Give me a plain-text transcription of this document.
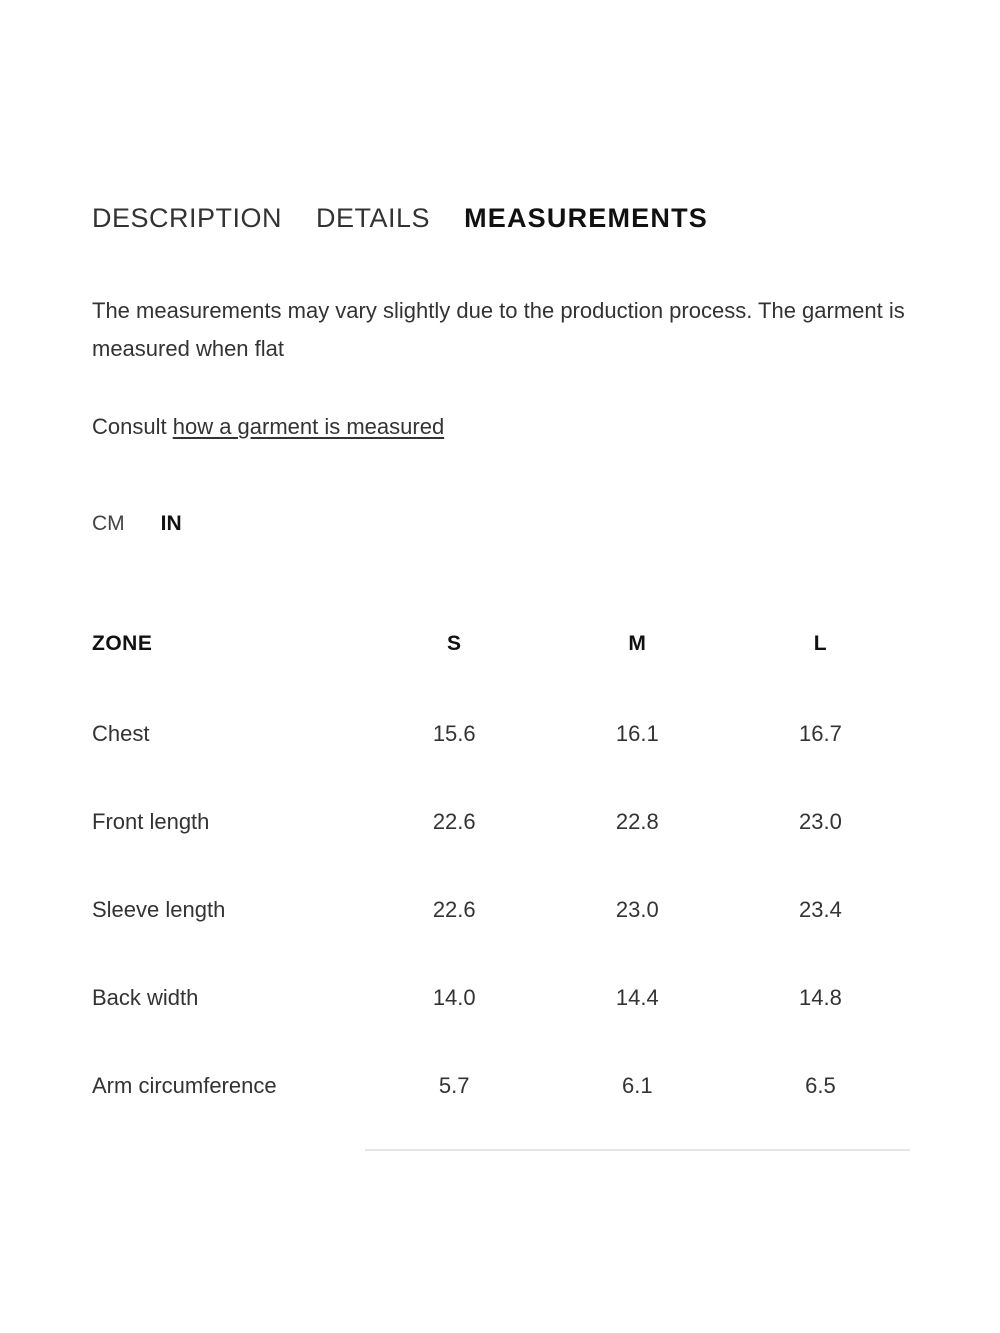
DESCRIPTION DETAILS MEASUREMENTS
The measurements may vary slightly due to the production process. The garment is measured when flat
Consult how a garment is measured
CM IN
ZONE	S	M	L
Chest	15.6	16.1	16.7
Front length	22.6	22.8	23.0
Sleeve length	22.6	23.0	23.4
Back width	14.0	14.4	14.8
Arm circumference	5.7	6.1	6.5
